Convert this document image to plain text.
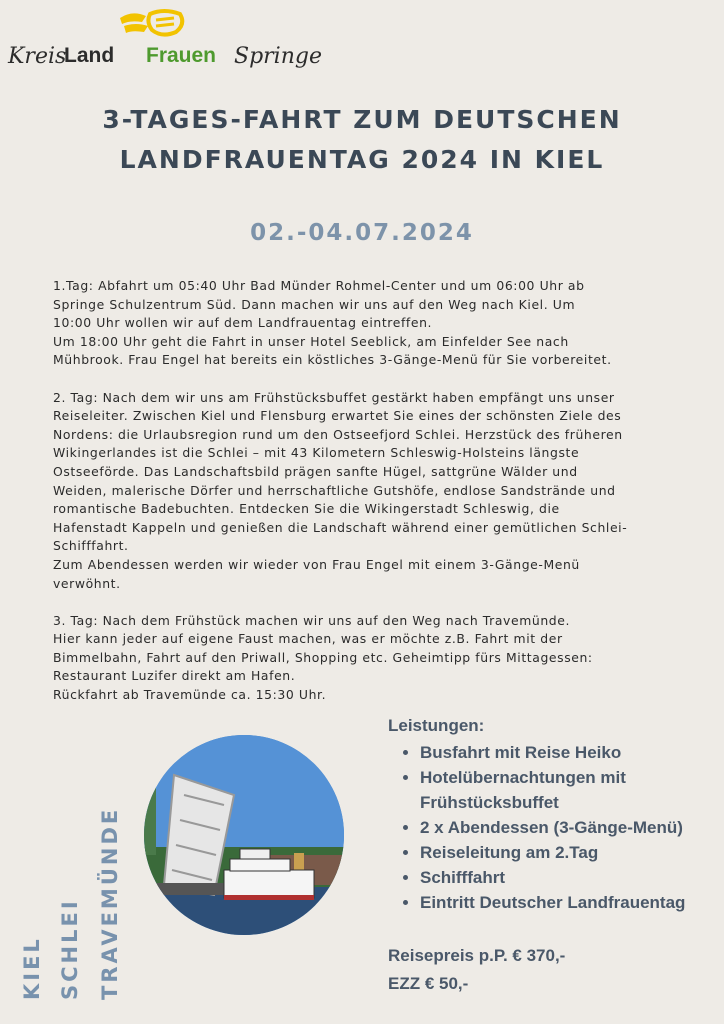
Kreis
Land Frauen Springe
3-TAGES-FAHRT ZUM DEUTSCHEN
LANDFRAUENTAG 2024 IN KIEL
02.-04.07.2024

1.Tag: Abfahrt um 05:40 Uhr Bad Münder Rohmel-Center und um 06:00 Uhr ab
Springe Schulzentrum Süd. Dann machen wir uns auf den Weg nach Kiel. Um
10:00 Uhr wollen wir auf dem Landfrauentag eintreffen.
Um 18:00 Uhr geht die Fahrt in unser Hotel Seeblick, am Einfelder See nach
Mühbrook. Frau Engel hat bereits ein köstliches 3-Gänge-Menü für Sie vorbereitet.

2. Tag: Nach dem wir uns am Frühstücksbuffet gestärkt haben empfängt uns unser
Reiseleiter. Zwischen Kiel und Flensburg erwartet Sie eines der schönsten Ziele des
Nordens: die Urlaubsregion rund um den Ostseefjord Schlei. Herzstück des früheren
Wikingerlandes ist die Schlei – mit 43 Kilometern Schleswig-Holsteins längste
Ostseeförde. Das Landschaftsbild prägen sanfte Hügel, sattgrüne Wälder und
Weiden, malerische Dörfer und herrschaftliche Gutshöfe, endlose Sandstrände und
romantische Badebuchten. Entdecken Sie die Wikingerstadt Schleswig, die
Hafenstadt Kappeln und genießen die Landschaft während einer gemütlichen Schlei-
Schifffahrt.
Zum Abendessen werden wir wieder von Frau Engel mit einem 3-Gänge-Menü
verwöhnt.

3. Tag: Nach dem Frühstück machen wir uns auf den Weg nach Travemünde.
Hier kann jeder auf eigene Faust machen, was er möchte z.B. Fahrt mit der
Bimmelbahn, Fahrt auf den Priwall, Shopping etc. Geheimtipp fürs Mittagessen:
Restaurant Luzifer direkt am Hafen.
Rückfahrt ab Travemünde ca. 15:30 Uhr.

Leistungen:
• Busfahrt mit Reise Heiko
• Hotelübernachtungen mit Frühstücksbuffet
• 2 x Abendessen (3-Gänge-Menü)
• Reiseleitung am 2.Tag
• Schifffahrt
• Eintritt Deutscher Landfrauentag
Reisepreis p.P. € 370,-
EZZ € 50,-
KIEL SCHLEI TRAVEMÜNDE
